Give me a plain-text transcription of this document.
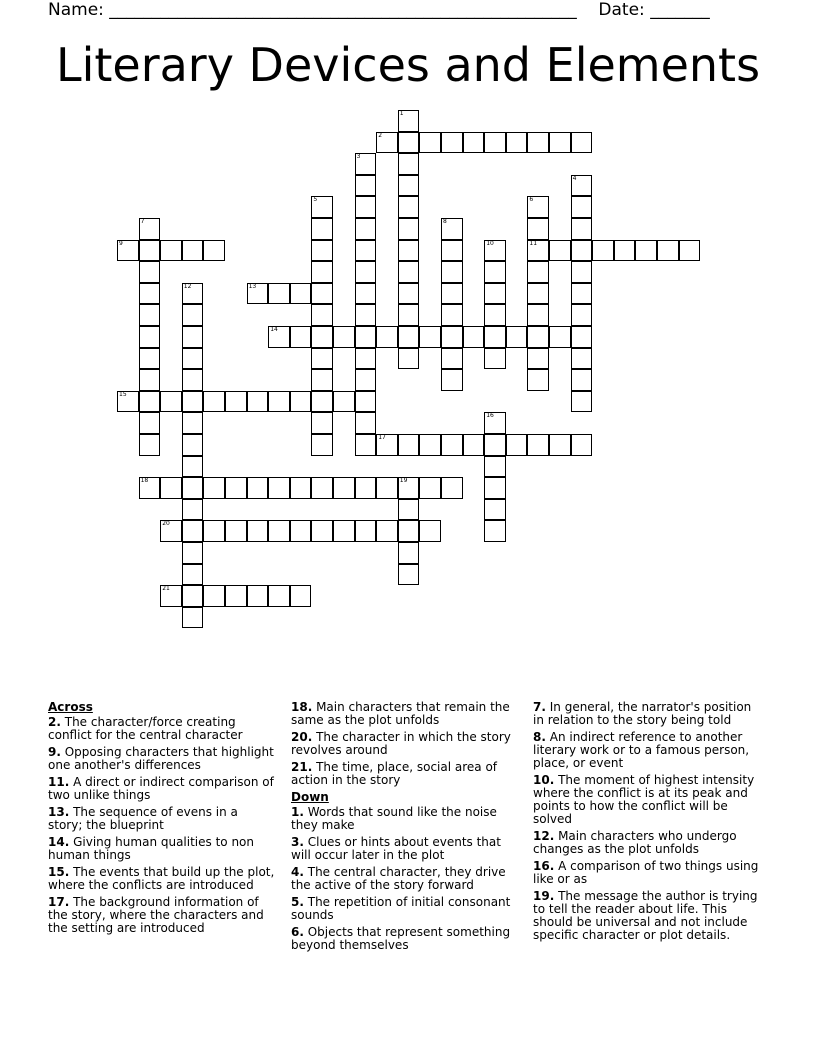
Name: _______________________________________________________ Date: _______
Literary Devices and Elements
1
2
3
4
5	6
11
7	8
9	10
12	13
14
15
16
17
18	19
20
21
Across
2. The character/force creating conflict for the central character
9. Opposing characters that highlight one another's differences
11. A direct or indirect comparison of two unlike things
13. The sequence of evens in a story; the blueprint
14. Giving human qualities to non human things
15. The events that build up the plot, where the conflicts are introduced
17. The background information of the story, where the characters and the setting are introduced
18. Main characters that remain the same as the plot unfolds
20. The character in which the story revolves around
21. The time, place, social area of action in the story
Down
1. Words that sound like the noise they make
3. Clues or hints about events that will occur later in the plot
4. The central character, they drive the active of the story forward
5. The repetition of initial consonant sounds
6. Objects that represent something beyond themselves
7. In general, the narrator's position in relation to the story being told
8. An indirect reference to another literary work or to a famous person, place, or event
10. The moment of highest intensity where the conflict is at its peak and points to how the conflict will be solved
12. Main characters who undergo changes as the plot unfolds
16. A comparison of two things using like or as
19. The message the author is trying to tell the reader about life. This should be universal and not include specific character or plot details.
